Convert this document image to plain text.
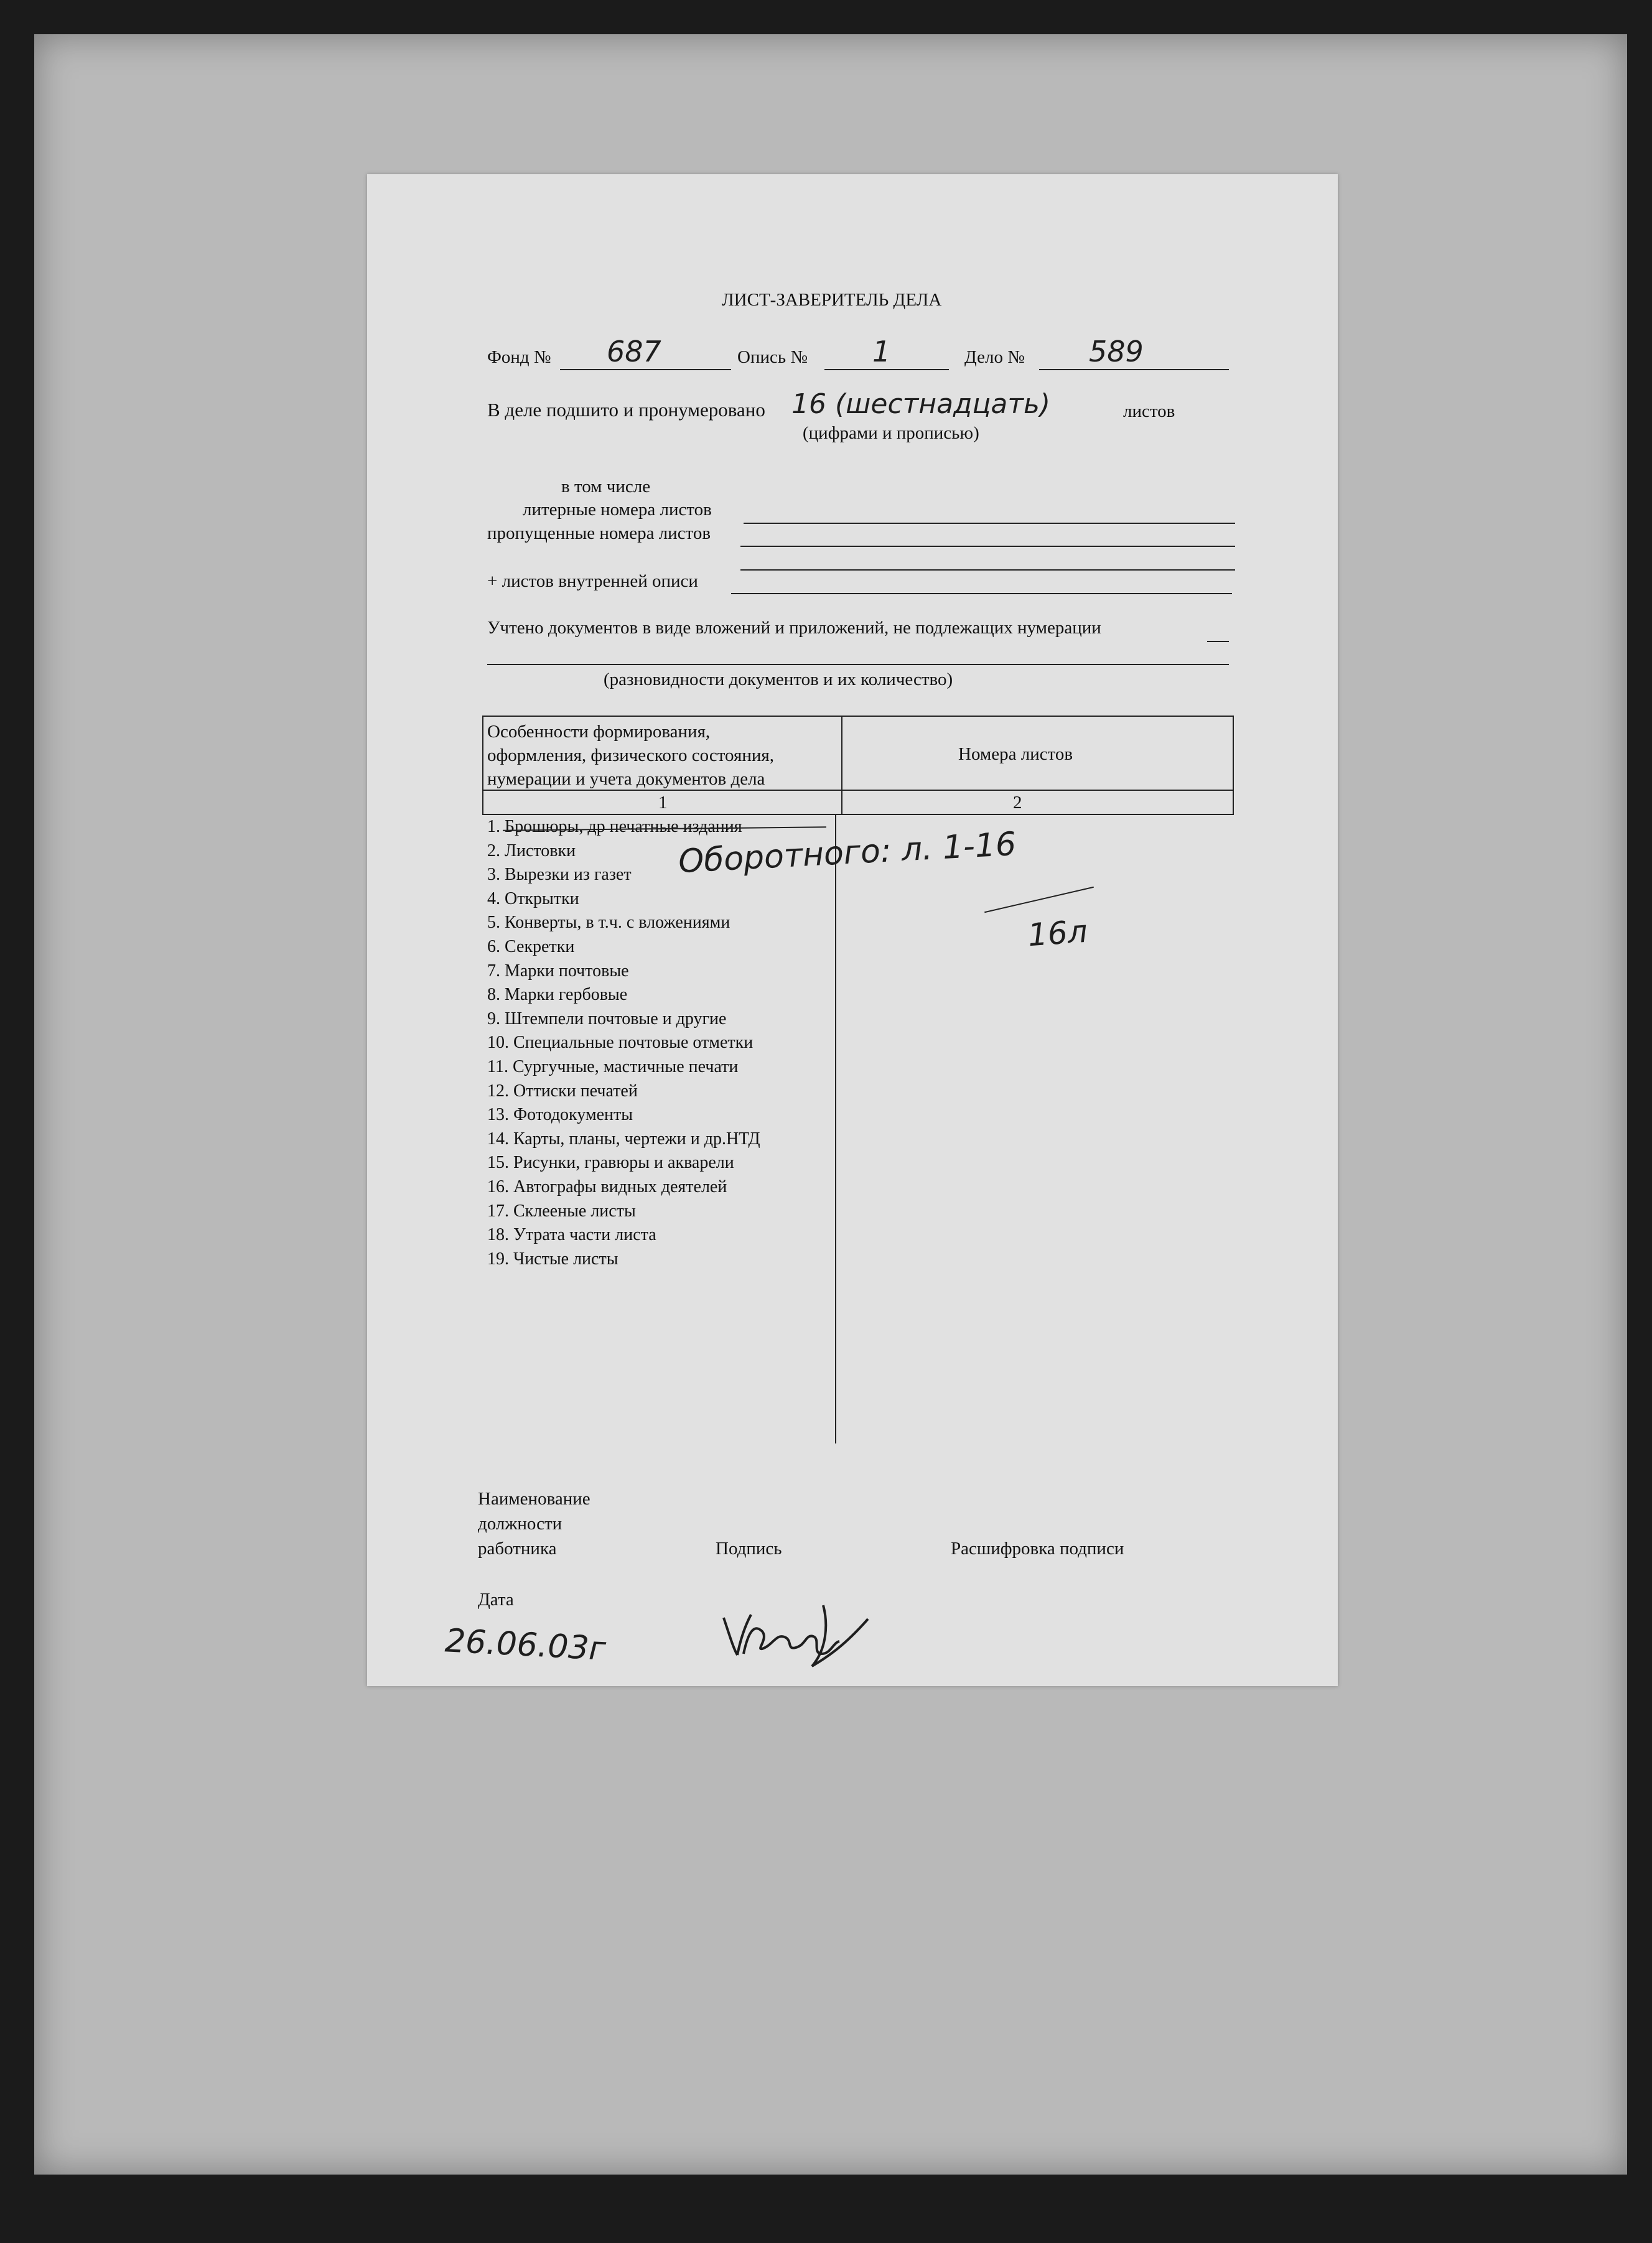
ЛИСТ-ЗАВЕРИТЕЛЬ ДЕЛА
Фонд № 687	Опись № 1	Дело № 589
В деле подшито и пронумеровано 16 (шестнадцать)	листов
(цифрами и прописью)
в том числе
литерные номера листов
пропущенные номера листов
+ листов внутренней описи
Учтено документов в виде вложений и приложений, не подлежащих нумерации
(разновидности документов и их количество)
Особенности формирования,
оформления, физического состояния,
нумерации и учета документов дела
Номера листов
1	2
1. Брошюры, др печатные издания
2. Листовки
3. Вырезки из газет
4. Открытки
5. Конверты, в т.ч. с вложениями
6. Секретки
7. Марки почтовые
8. Марки гербовые
9. Штемпели почтовые и другие
10. Специальные почтовые отметки
11. Сургучные, мастичные печати
12. Оттиски печатей
13. Фотодокументы
14. Карты, планы, чертежи и др.НТД
15. Рисунки, гравюры и акварели
16. Автографы видных деятелей
17. Склееные листы
18. Утрата части листа
19. Чистые листы
Оборотного: л. 1-16
16л
Наименование
должности
работника	Подпись	Расшифровка подписи
Дата
26.06.03г
